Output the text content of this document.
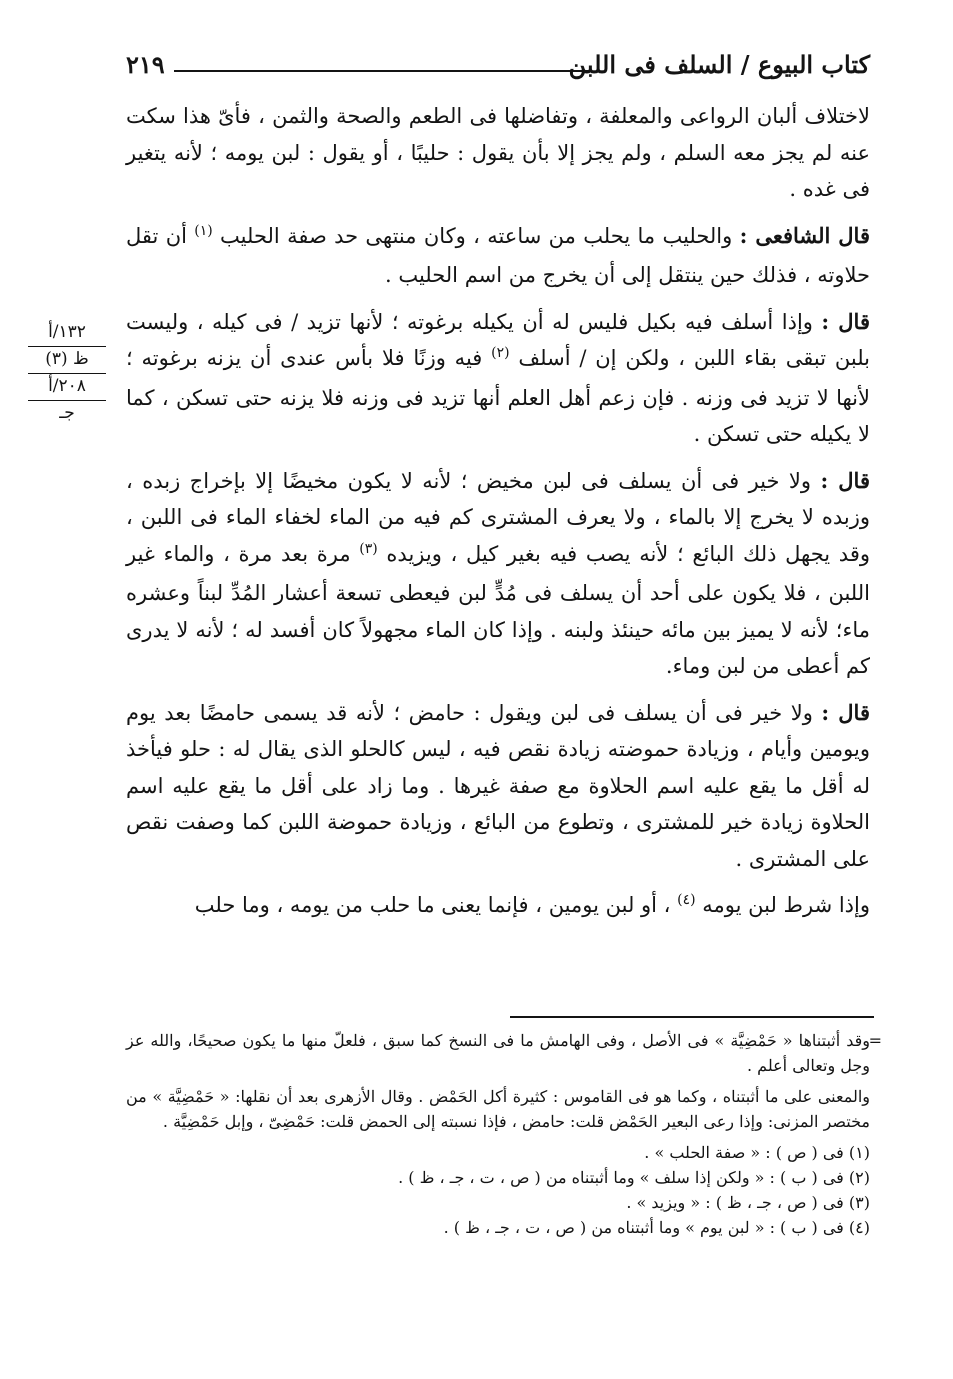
كتاب البيوع / السلف فى اللبن
٢١٩
١٣٢/أ
ظ (٣)
٢٠٨/أ
جـ

لاختلاف ألبان الرواعى والمعلفة ، وتفاضلها فى الطعم والصحة والثمن ، فأىّ هذا سكت عنه لم يجز معه السلم ، ولم يجز إلا بأن يقول : حليبًا ، أو يقول : لبن يومه ؛ لأنه يتغير فى غده .

قال الشافعى : والحليب ما يحلب من ساعته ، وكان منتهى حد صفة الحليب $^{(١)}$ أن تقل حلاوته ، فذلك حين ينتقل إلى أن يخرج من اسم الحليب .

قال : وإذا أسلف فيه بكيل فليس له أن يكيله برغوته ؛ لأنها تزيد / فى كيله ، وليست بلبن تبقى بقاء اللبن ، ولكن إن / أسلف $^{(٢)}$ فيه وزنًا فلا بأس عندى أن يزنه برغوته ؛ لأنها لا تزيد فى وزنه . فإن زعم أهل العلم أنها تزيد فى وزنه فلا يزنه حتى تسكن ، كما لا يكيله حتى تسكن .

قال : ولا خير فى أن يسلف فى لبن مخيض ؛ لأنه لا يكون مخيضًا إلا بإخراج زبده ، وزبده لا يخرج إلا بالماء ، ولا يعرف المشترى كم فيه من الماء لخفاء الماء فى اللبن ، وقد يجهل ذلك البائع ؛ لأنه يصب فيه بغير كيل ، ويزيده $^{(٣)}$ مرة بعد مرة ، والماء غير اللبن ، فلا يكون على أحد أن يسلف فى مُدٍّ لبن فيعطى تسعة أعشار المُدِّ لبناً وعشره ماء؛ لأنه لا يميز بين مائه حينئذ ولبنه . وإذا كان الماء مجهولاً كان أفسد له ؛ لأنه لا يدرى كم أعطى من لبن وماء.

قال : ولا خير فى أن يسلف فى لبن ويقول : حامض ؛ لأنه قد يسمى حامضًا بعد يوم ويومين وأيام ، وزيادة حموضته زيادة نقص فيه ، ليس كالحلو الذى يقال له : حلو فيأخذ له أقل ما يقع عليه اسم الحلاوة مع صفة غيرها . وما زاد على أقل ما يقع عليه اسم الحلاوة زيادة خير للمشترى ، وتطوع من البائع ، وزيادة حموضة اللبن كما وصفت نقص على المشترى .

وإذا شرط لبن يومه $^{(٤)}$ ، أو لبن يومين ، فإنما يعنى ما حلب من يومه ، وما حلب

=

وقد أثبتناها « حَمْضِيَّة » فى الأصل ، وفى الهامش ما فى النسخ كما سبق ، فلعلّ منها ما يكون صحيحًا، والله عز وجل وتعالى أعلم .

والمعنى على ما أثبتناه ، وكما هو فى القاموس : كثيرة أكل الحَمْض . وقال الأزهرى بعد أن نقلها: « حَمْضِيَّة » من مختصر المزنى: وإذا رعى البعير الحَمْض قلت: حامض ، فإذا نسبته إلى الحمض قلت: حَمْضِىّ ، وإبل حَمْضِيَّة .

(١) فى ( ص ) : « صفة الحلب » .

(٢) فى ( ب ) : « ولكن إذا سلف » وما أثبتناه من ( ص ، ت ، جـ ، ظ ) .

(٣) فى ( ص ، جـ ، ظ ) : « ويزيد » .

(٤) فى ( ب ) : « لبن يوم » وما أثبتناه من ( ص ، ت ، جـ ، ظ ) .
